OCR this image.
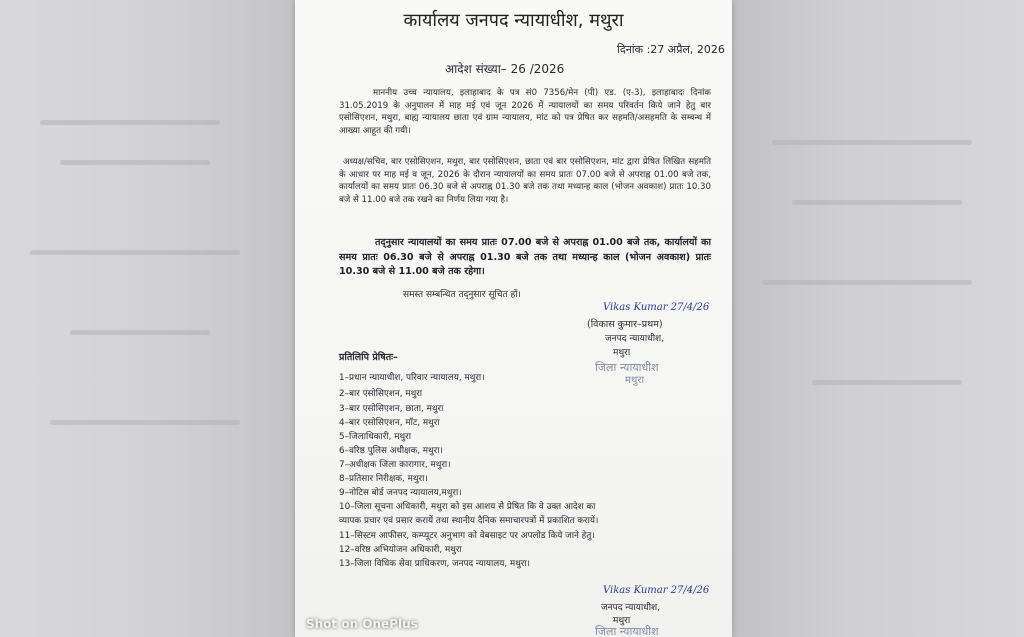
कार्यालय जनपद न्यायाधीश, मथुरा
दिनांक :27 अप्रैल, 2026
आदेश संख्या– 26 /2026
माननीय उच्च न्यायालय, इलाहाबाद के पत्र सं0 7356/मेन (पी) एड. (ए-3), इलाहाबादः दिनांक 31.05.2019 के अनुपालन में माह मई एवं जून 2026 में न्यायालयों का समय परिवर्तन किये जाने हेतु बार एसोसिएशन, मथुरा, बाह्य न्यायालय छाता एवं ग्राम न्यायालय, मांट को पत्र प्रेषित कर सहमति/असहमति के सम्बन्ध में आख्या आहूत की गयी।
अध्यक्ष/सचिव, बार एसोसिएशन, मथुरा, बार एसोसिएशन, छाता एवं बार एसोसिएशन, मांट द्वारा प्रेषित लिखित सहमति के आधार पर माह मई व जून, 2026 के दौरान न्यायालयों का समय प्रातः 07.00 बजे से अपराह्न 01.00 बजे तक, कार्यालयों का समय प्रातः 06.30 बजे से अपराह्न 01.30 बजे तक तथा मध्यान्ह काल (भोजन अवकाश) प्रातः 10.30 बजे से 11.00 बजे तक रखने का निर्णय लिया गया है।
तद्नुसार न्यायालयों का समय प्रातः 07.00 बजे से अपराह्न 01.00 बजे तक, कार्यालयों का समय प्रातः 06.30 बजे से अपराह्न 01.30 बजे तक तथा मध्यान्ह काल (भोजन अवकाश) प्रातः 10.30 बजे से 11.00 बजे तक रहेगा।
समस्त सम्बन्धित तद्नुसार सूचित हों।
Vikas Kumar 27/4/26
(विकास कुमार–प्रथम)
जनपद न्यायाधीश,
मथुरा
जिला न्यायाधीश
मथुरा
प्रतिलिपि प्रेषितः–
1–प्रधान न्यायाधीश, परिवार न्यायालय, मथुरा।
2–बार एसोसिएशन, मथुरा
3–बार एसोसिएशन, छाता, मथुरा
4–बार एसोसिएशन, मॉट, मथुरा
5–जिलाधिकारी, मथुरा
6–वरिष्ठ पुलिस अधीक्षक, मथुरा।
7–अधीक्षक जिला कारागार, मथुरा।
8–प्रतिसार निरीक्षक, मथुरा।
9–नोटिस बोर्ड जनपद न्यायालय,मथुरा।
10–जिला सूचना अधिकारी, मथुरा को इस आशय से प्रेषित कि वे उक्त आदेश का
व्यापक प्रचार एवं प्रसार करायें तथा स्थानीय दैनिक समाचारपत्रों में प्रकाशित करायें।
11–सिस्टम आफीसर, कम्प्यूटर अनुभाग को वेबसाइट पर अपलोड किये जाने हेतु।
12–वरिष्ठ अभियोजन अधिकारी, मथुरा
13–जिला विधिक सेवा प्राधिकरण, जनपद न्यायालय, मथुरा।
Vikas Kumar 27/4/26
जनपद न्यायाधीश,
मथुरा
जिला न्यायाधीश
Shot on OnePlus
